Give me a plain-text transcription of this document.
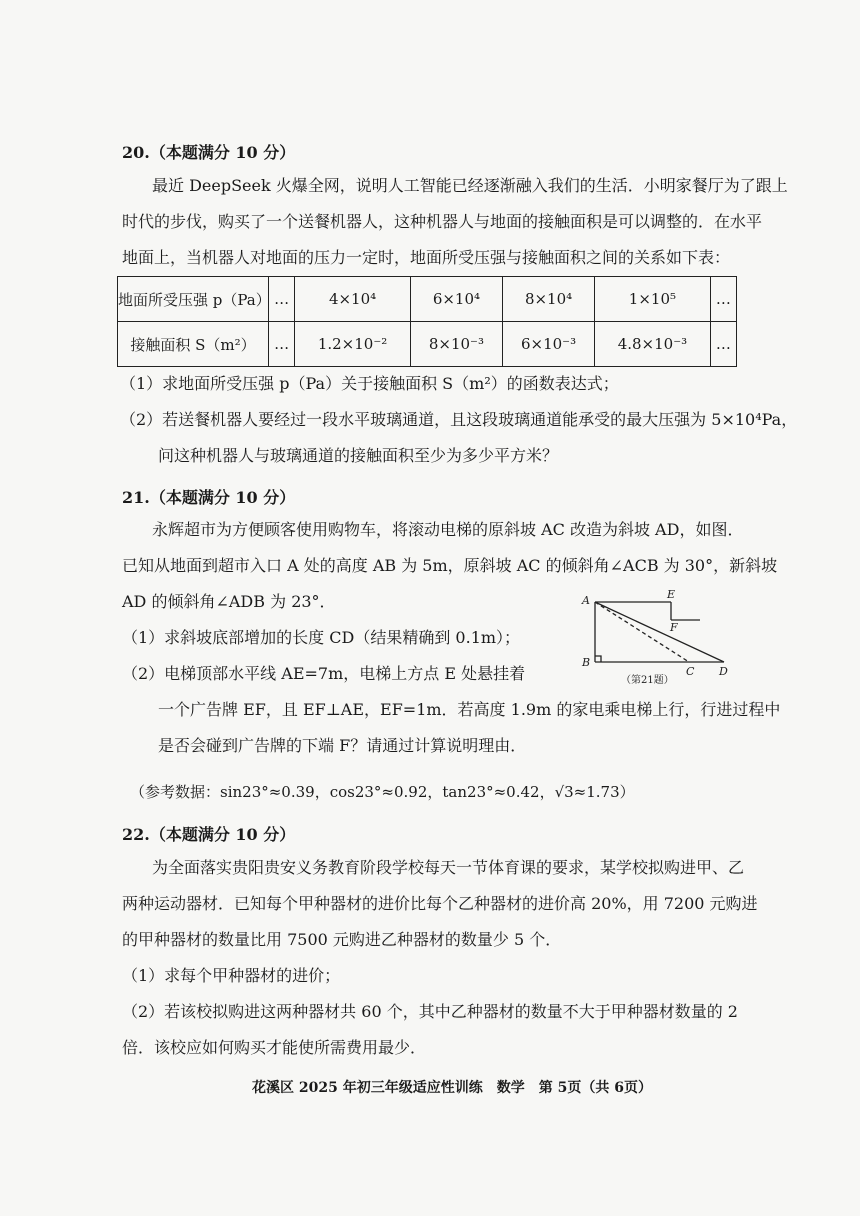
20.（本题满分 10 分）
最近 DeepSeek 火爆全网，说明人工智能已经逐渐融入我们的生活．小明家餐厅为了跟上
时代的步伐，购买了一个送餐机器人，这种机器人与地面的接触面积是可以调整的．在水平
地面上，当机器人对地面的压力一定时，地面所受压强与接触面积之间的关系如下表：
地面所受压强 p（Pa）	…	4×10⁴	6×10⁴	8×10⁴	1×10⁵	…
接触面积 S（m²）	…	1.2×10⁻²	8×10⁻³	6×10⁻³	4.8×10⁻³	…
（1）求地面所受压强 p（Pa）关于接触面积 S（m²）的函数表达式；
（2）若送餐机器人要经过一段水平玻璃通道，且这段玻璃通道能承受的最大压强为 5×10⁴Pa，
问这种机器人与玻璃通道的接触面积至少为多少平方米？
21.（本题满分 10 分）
永辉超市为方便顾客使用购物车，将滚动电梯的原斜坡 AC 改造为斜坡 AD，如图．
已知从地面到超市入口 A 处的高度 AB 为 5m，原斜坡 AC 的倾斜角∠ACB 为 30°，新斜坡
AD 的倾斜角∠ADB 为 23°．
（1）求斜坡底部增加的长度 CD（结果精确到 0.1m）；
（2）电梯顶部水平线 AE=7m，电梯上方点 E 处悬挂着
一个广告牌 EF，且 EF⊥AE，EF=1m．若高度 1.9m 的家电乘电梯上行，行进过程中
是否会碰到广告牌的下端 F？请通过计算说明理由．
（参考数据：sin23°≈0.39，cos23°≈0.92，tan23°≈0.42，√3≈1.73）
A
B
C D
E
F
（第21题）
22.（本题满分 10 分）
为全面落实贵阳贵安义务教育阶段学校每天一节体育课的要求，某学校拟购进甲、乙
两种运动器材．已知每个甲种器材的进价比每个乙种器材的进价高 20%，用 7200 元购进
的甲种器材的数量比用 7500 元购进乙种器材的数量少 5 个．
（1）求每个甲种器材的进价；
（2）若该校拟购进这两种器材共 60 个，其中乙种器材的数量不大于甲种器材数量的 2
倍．该校应如何购买才能使所需费用最少．
花溪区 2025 年初三年级适应性训练　数学　第 5页（共 6页）
